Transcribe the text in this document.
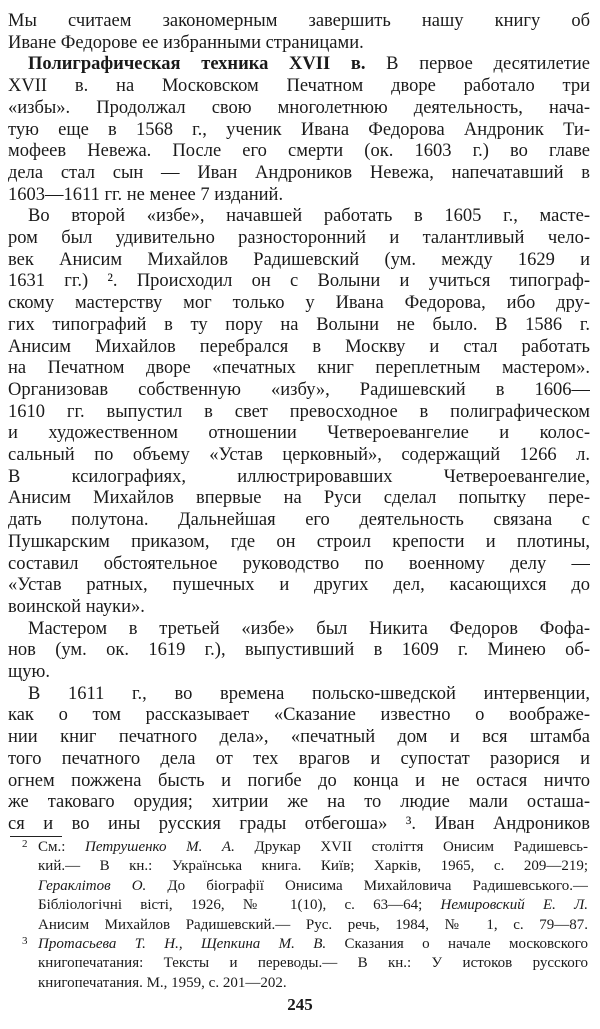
Мы считаем закономерным завершить нашу книгу об
Иване Федорове ее избранными страницами.
Полиграфическая техника XVII в. В первое десятилетие
XVII в. на Московском Печатном дворе работало три
«избы». Продолжал свою многолетнюю деятельность, нача-
тую еще в 1568 г., ученик Ивана Федорова Андроник Ти-
мофеев Невежа. После его смерти (ок. 1603 г.) во главе
дела стал сын — Иван Андроников Невежа, напечатавший в
1603—1611 гг. не менее 7 изданий.
Во второй «избе», начавшей работать в 1605 г., масте-
ром был удивительно разносторонний и талантливый чело-
век Анисим Михайлов Радишевский (ум. между 1629 и
1631 гг.) ². Происходил он с Волыни и учиться типограф-
скому мастерству мог только у Ивана Федорова, ибо дру-
гих типографий в ту пору на Волыни не было. В 1586 г.
Анисим Михайлов перебрался в Москву и стал работать
на Печатном дворе «печатных книг переплетным мастером».
Организовав собственную «избу», Радишевский в 1606—
1610 гг. выпустил в свет превосходное в полиграфическом
и художественном отношении Четвероевангелие и колос-
сальный по объему «Устав церковный», содержащий 1266 л.
В ксилографиях, иллюстрировавших Четвероевангелие,
Анисим Михайлов впервые на Руси сделал попытку пере-
дать полутона. Дальнейшая его деятельность связана с
Пушкарским приказом, где он строил крепости и плотины,
составил обстоятельное руководство по военному делу —
«Устав ратных, пушечных и других дел, касающихся до
воинской науки».
Мастером в третьей «избе» был Никита Федоров Фофа-
нов (ум. ок. 1619 г.), выпустивший в 1609 г. Минею об-
щую.
В 1611 г., во времена польско-шведской интервенции,
как о том рассказывает «Сказание известно о воображе-
нии книг печатного дела», «печатный дом и вся штамба
того печатного дела от тех врагов и супостат разорися и
огнем пожжена бысть и погибе до конца и не остася ничто
же таковаго орудия; хитрии же на то людие мали осташа-
ся и во ины русския грады отбегоша» ³. Иван Андроников
2 См.: Петрушенко М. А. Друкар XVII століття Онисим Радишевсь-
кий.— В кн.: Українська книга. Київ; Харків, 1965, с. 209—219;
Гераклітов О. До біографії Онисима Михайловича Радишевського.—
Бібліологічні вісті, 1926, № 1(10), с. 63—64; Немировский Е. Л.
Анисим Михайлов Радишевский.— Рус. речь, 1984, № 1, с. 79—87.
3 Протасьева Т. Н., Щепкина М. В. Сказания о начале московского
книгопечатания: Тексты и переводы.— В кн.: У истоков русского
книгопечатания. М., 1959, с. 201—202.
245
